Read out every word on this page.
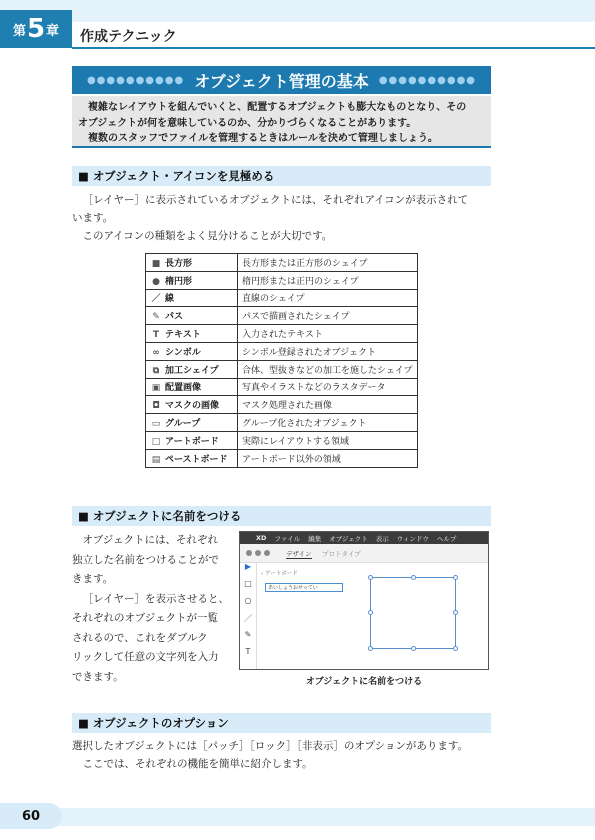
第 5 章 作成テクニック
●●●●●●●●●● オブジェクト管理の基本 ●●●●●●●●●●

複雑なレイアウトを組んでいくと、配置するオブジェクトも膨大なものとなり、その

オブジェクトが何を意味しているのか、分かりづらくなることがあります。

複数のスタッフでファイルを管理するときはルールを決めて管理しましょう。

■ オブジェクト・アイコンを見極める

［レイヤー］に表示されているオブジェクトには、それぞれアイコンが表示されて

います。

このアイコンの種類をよく見分けることが大切です。

■ 長方形	長方形または正方形のシェイプ
● 楕円形	楕円形または正円のシェイプ
／ 線	直線のシェイプ
✎ パス	パスで描画されたシェイプ
T テキスト	入力されたテキスト
∞ シンボル	シンボル登録されたオブジェクト
⧉ 加工シェイプ	合体、型抜きなどの加工を施したシェイプ
▣ 配置画像	写真やイラストなどのラスタデータ
◘ マスクの画像	マスク処理された画像
▭ グループ	グループ化されたオブジェクト
□ アートボード	実際にレイアウトする領域
▤ ペーストボード	アートボード以外の領域
■ オブジェクトに名前をつける

オブジェクトには、それぞれ

独立した名前をつけることがで

きます。

［レイヤー］を表示させると、

それぞれのオブジェクトが一覧

されるので、これをダブルク

リックして任意の文字列を入力

できます。

XD ファイル 編集 オブジェクト 表示 ウィンドウ ヘルプ
デザイン プロトタイプ
▶
□
○
／
✎
T
‹ アートボード
あいしょうおせってい
オブジェクトに名前をつける
■ オブジェクトのオプション

選択したオブジェクトには［パッチ］［ロック］［非表示］のオプションがあります。

ここでは、それぞれの機能を簡単に紹介します。

60
